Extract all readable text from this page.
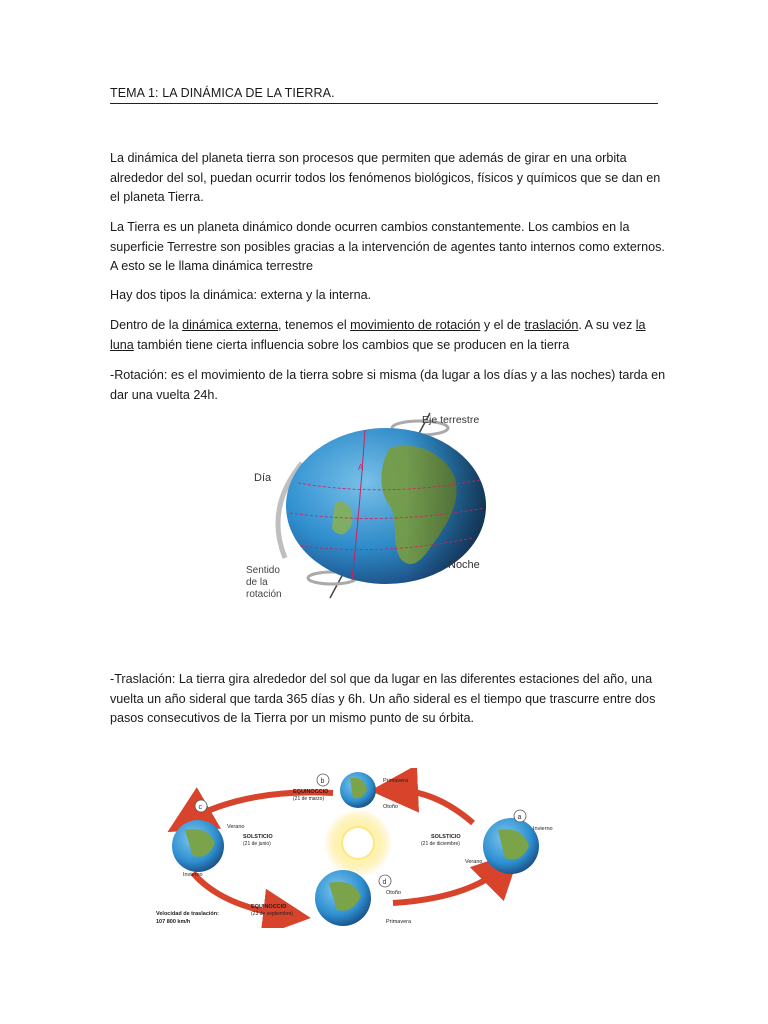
TEMA 1: LA DINÁMICA DE LA TIERRA.

La dinámica del planeta tierra son procesos que permiten que además de girar en una orbita alrededor del sol, puedan ocurrir todos los fenómenos biológicos, físicos y químicos que se dan en el planeta Tierra.

La Tierra es un planeta dinámico donde ocurren cambios constantemente. Los cambios en la superficie Terrestre son posibles gracias a la intervención de agentes tanto internos como externos. A esto se le llama dinámica terrestre

Hay dos tipos la dinámica: externa y la interna.

Dentro de la dinámica externa, tenemos el movimiento de rotación y el de traslación. A su vez la luna también tiene cierta influencia sobre los cambios que se producen en la tierra

-Rotación: es el movimiento de la tierra sobre si misma (da lugar a los días y a las noches) tarda en dar una vuelta 24h.

Eje terrestre
Día
Noche
Sentido
de la
rotación
A

-Traslación: La tierra gira alrededor del sol que da lugar en las diferentes estaciones del año, una vuelta un año sideral que tarda 365 días y 6h. Un año sideral es el tiempo que trascurre entre dos pasos consecutivos de la Tierra por un mismo punto de su órbita.

b
c
a
d
EQUINOCCIO
(21 de marzo)
Primavera
Otoño
SOLSTICIO
(21 de junio)
Verano
Invierno
SOLSTICIO
(21 de diciembre)
Invierno
Verano
EQUINOCCIO
(23 de septiembre)
Otoño
Primavera
Velocidad de traslación:
107 800 km/h
